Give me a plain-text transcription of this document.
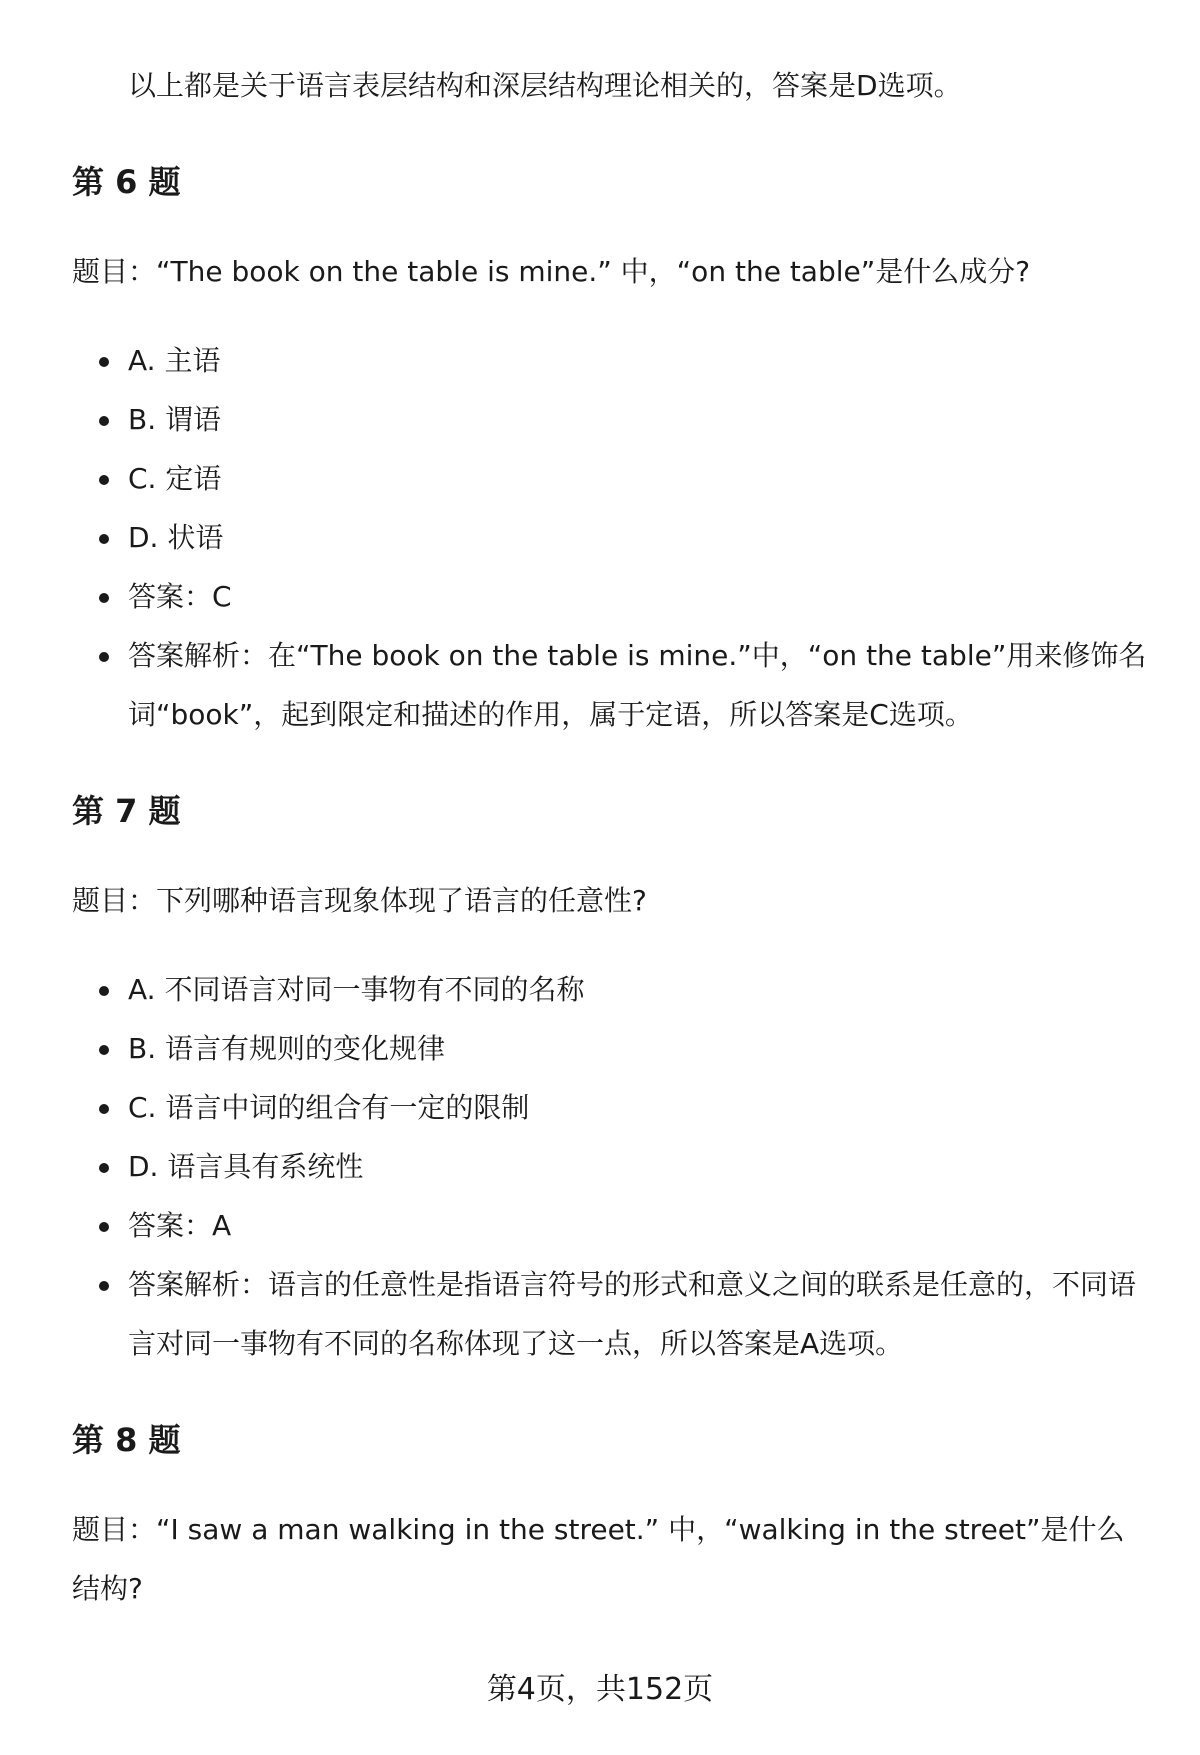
以上都是关于语言表层结构和深层结构理论相关的，答案是D选项。

第 6 题

题目：“The book on the table is mine.” 中，“on the table”是什么成分?

A. 主语
B. 谓语
C. 定语
D. 状语
答案：C
答案解析：在“The book on the table is mine.”中，“on the table”用来修饰名词“book”，起到限定和描述的作用，属于定语，所以答案是C选项。
第 7 题

题目：下列哪种语言现象体现了语言的任意性?

A. 不同语言对同一事物有不同的名称
B. 语言有规则的变化规律
C. 语言中词的组合有一定的限制
D. 语言具有系统性
答案：A
答案解析：语言的任意性是指语言符号的形式和意义之间的联系是任意的，不同语言对同一事物有不同的名称体现了这一点，所以答案是A选项。
第 8 题

题目：“I saw a man walking in the street.” 中，“walking in the street”是什么结构?

第4页，共152页
